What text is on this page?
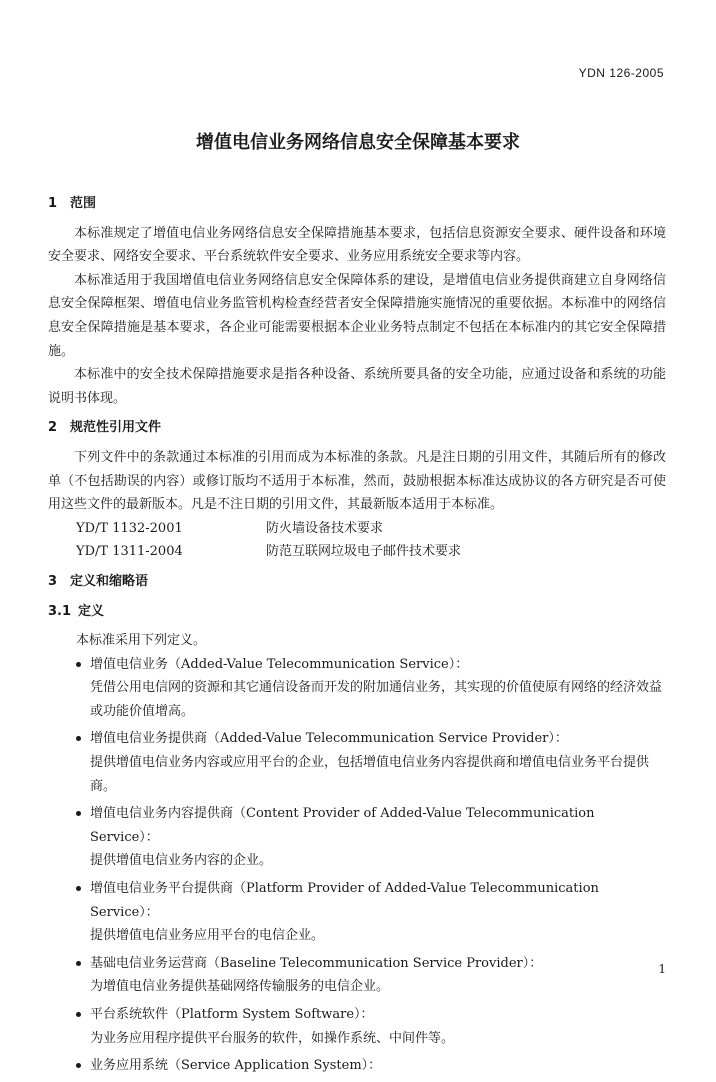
YDN 126-2005
增值电信业务网络信息安全保障基本要求
1 范围

本标准规定了增值电信业务网络信息安全保障措施基本要求，包括信息资源安全要求、硬件设备和环境安全要求、网络安全要求、平台系统软件安全要求、业务应用系统安全要求等内容。

本标准适用于我国增值电信业务网络信息安全保障体系的建设，是增值电信业务提供商建立自身网络信息安全保障框架、增值电信业务监管机构检查经营者安全保障措施实施情况的重要依据。本标准中的网络信息安全保障措施是基本要求，各企业可能需要根据本企业业务特点制定不包括在本标准内的其它安全保障措施。

本标准中的安全技术保障措施要求是指各种设备、系统所要具备的安全功能，应通过设备和系统的功能说明书体现。

2 规范性引用文件

下列文件中的条款通过本标准的引用而成为本标准的条款。凡是注日期的引用文件，其随后所有的修改单（不包括勘误的内容）或修订版均不适用于本标准，然而，鼓励根据本标准达成协议的各方研究是否可使用这些文件的最新版本。凡是不注日期的引用文件，其最新版本适用于本标准。

YD/T 1132-2001	防火墙设备技术要求
YD/T 1311-2004	防范互联网垃圾电子邮件技术要求
3 定义和缩略语
3.1 定义

本标准采用下列定义。

增值电信业务（Added-Value Telecommunication Service）：

凭借公用电信网的资源和其它通信设备而开发的附加通信业务，其实现的价值使原有网络的经济效益或功能价值增高。

增值电信业务提供商（Added-Value Telecommunication Service Provider）：

提供增值电信业务内容或应用平台的企业，包括增值电信业务内容提供商和增值电信业务平台提供商。

增值电信业务内容提供商（Content Provider of Added-Value Telecommunication Service）：

提供增值电信业务内容的企业。

增值电信业务平台提供商（Platform Provider of Added-Value Telecommunication Service）：

提供增值电信业务应用平台的电信企业。

基础电信业务运营商（Baseline Telecommunication Service Provider）：

为增值电信业务提供基础网络传输服务的电信企业。

平台系统软件（Platform System Software）：

为业务应用程序提供平台服务的软件，如操作系统、中间件等。

业务应用系统（Service Application System）：

1
